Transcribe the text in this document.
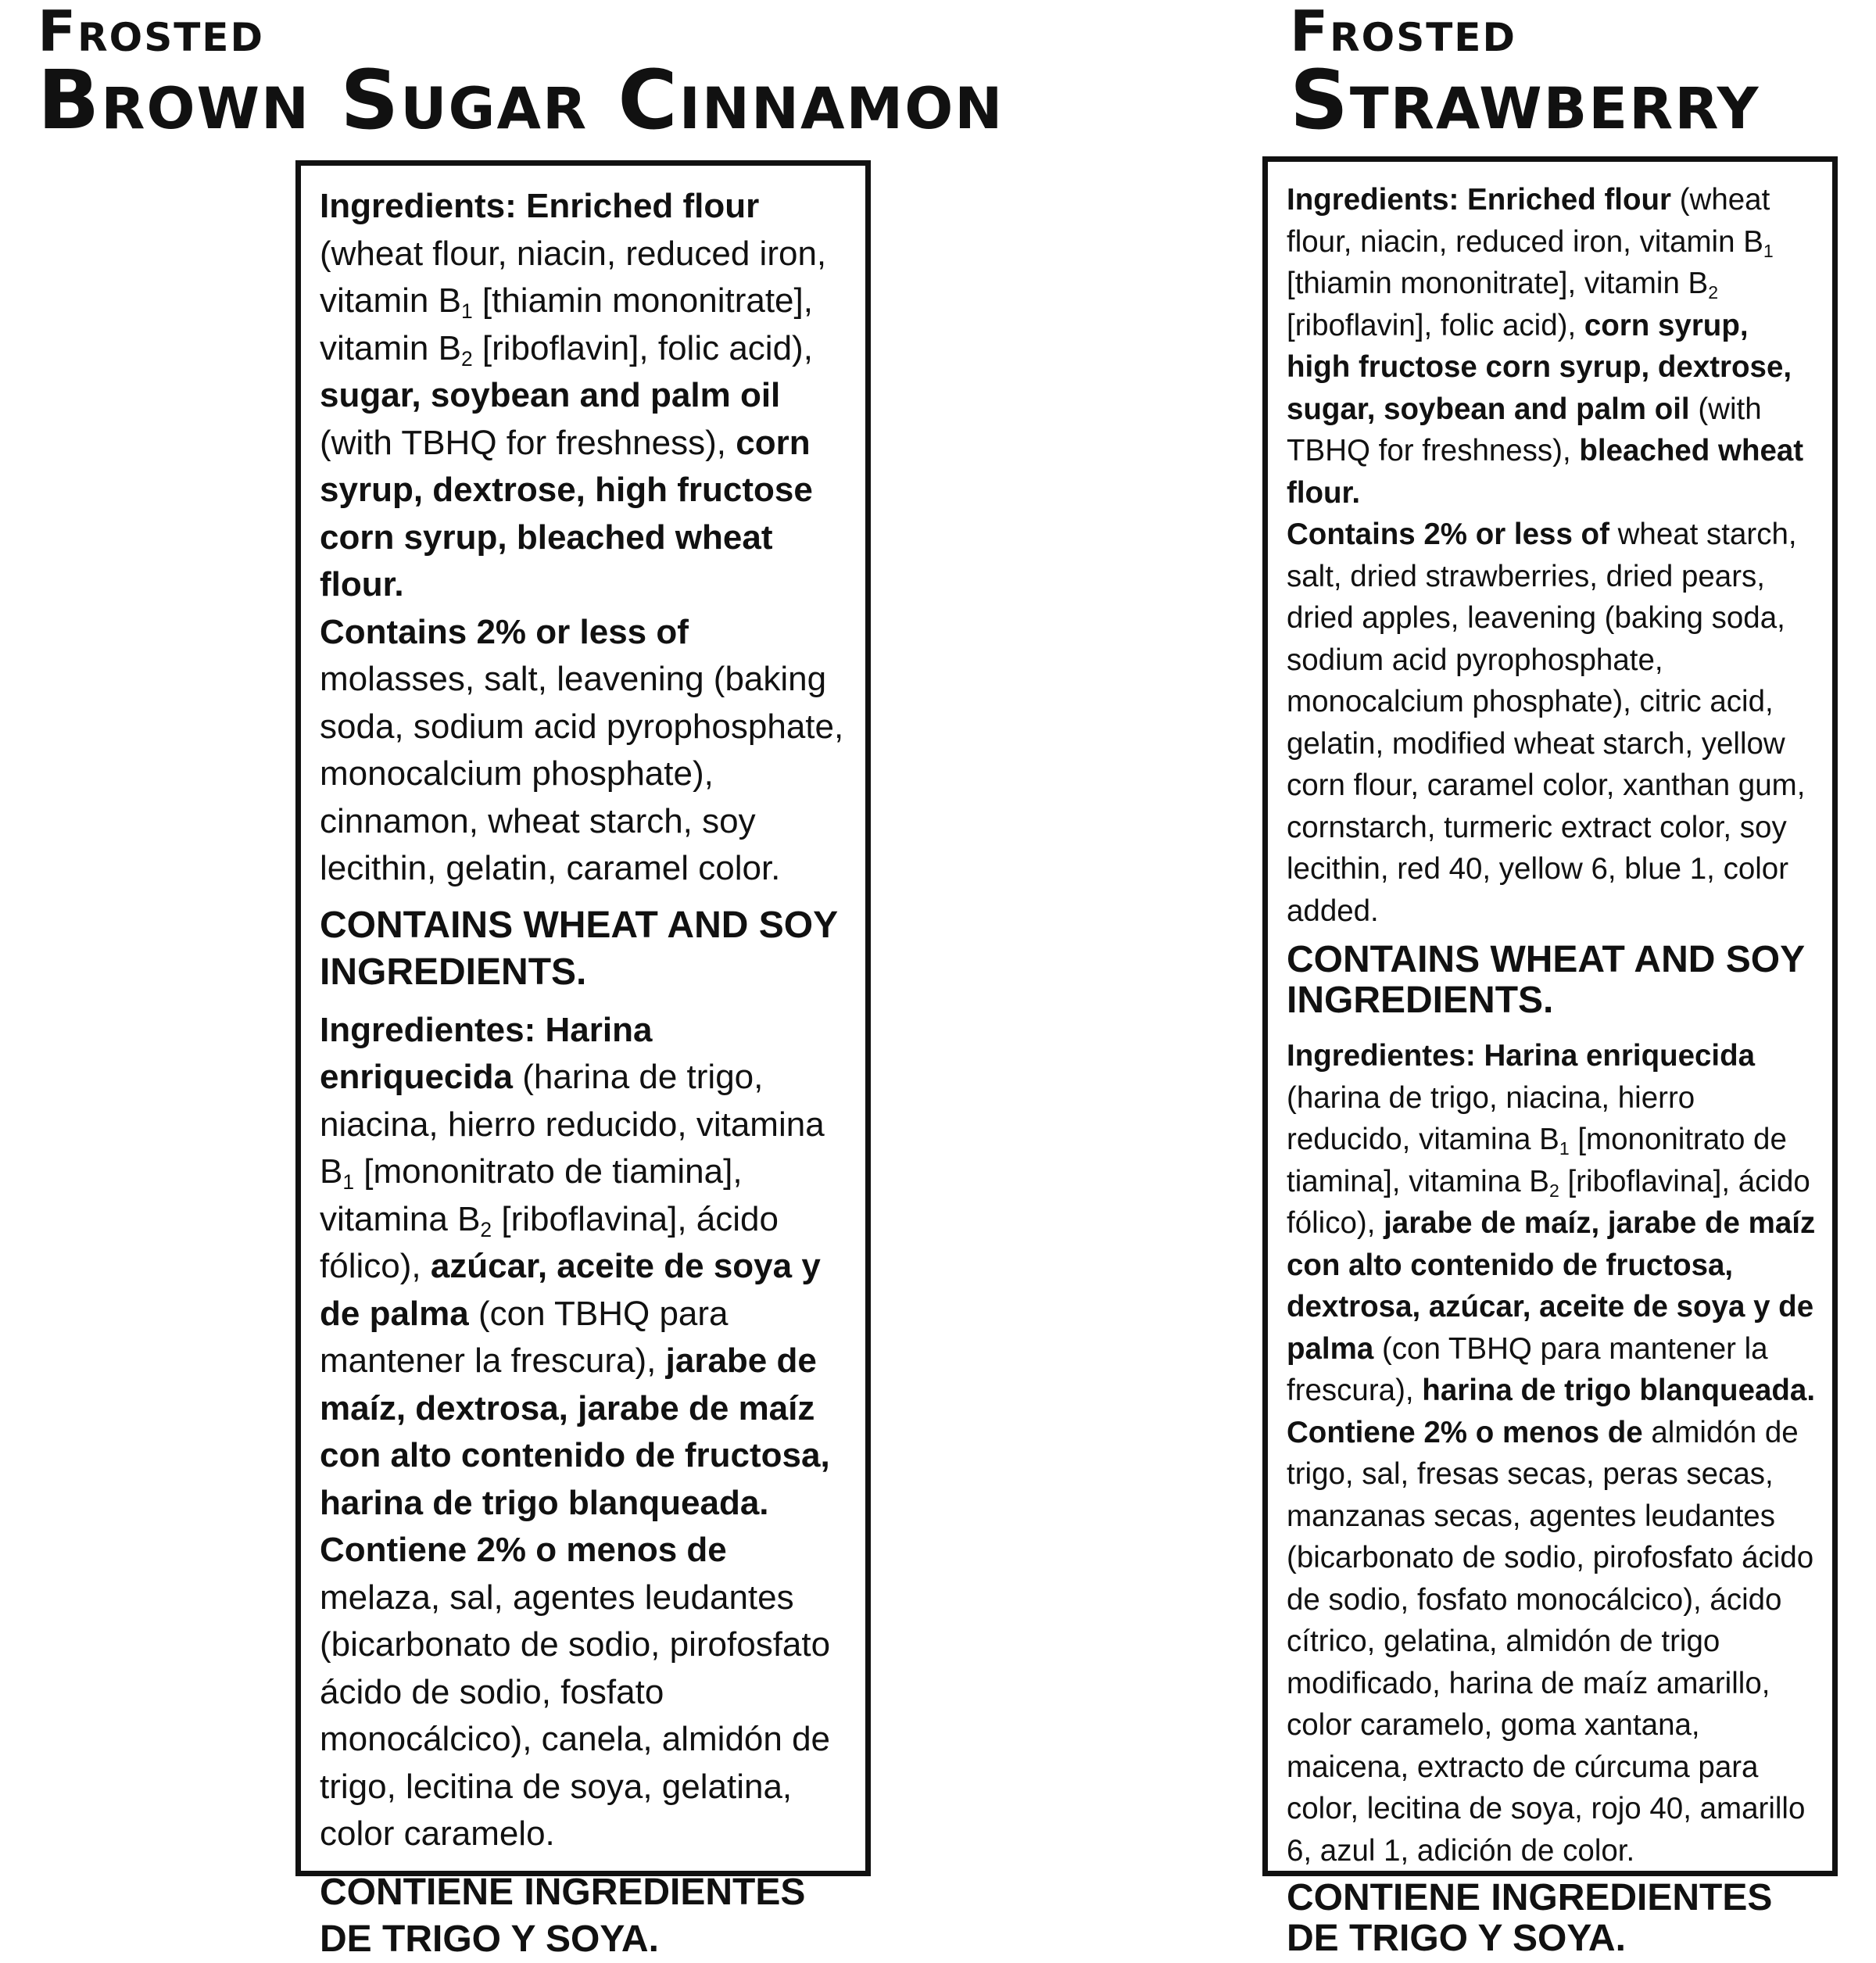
Frosted
Brown Sugar Cinnamon
Frosted
Strawberry

Ingredients: Enriched flour (wheat flour, niacin, reduced iron, vitamin $B_1$ [thiamin mononitrate], vitamin $B_2$ [riboflavin], folic acid), sugar, soybean and palm oil (with TBHQ for freshness), corn syrup, dextrose, high fructose corn syrup, bleached wheat flour.
Contains 2% or less of molasses, salt, leavening (baking soda, sodium acid pyrophosphate, monocalcium phosphate), cinnamon, wheat starch, soy lecithin, gelatin, caramel color.

CONTAINS WHEAT AND SOY INGREDIENTS.

Ingredientes: Harina enriquecida (harina de trigo, niacina, hierro reducido, vitamina $B_1$ [mononitrato de tiamina], vitamina $B_2$ [riboflavina], ácido fólico), azúcar, aceite de soya y de palma (con TBHQ para mantener la frescura), jarabe de maíz, dextrosa, jarabe de maíz con alto contenido de fructosa, harina de trigo blanqueada.
Contiene 2% o menos de melaza, sal, agentes leudantes (bicarbonato de sodio, pirofosfato ácido de sodio, fosfato monocálcico), canela, almidón de trigo, lecitina de soya, gelatina, color caramelo.

CONTIENE INGREDIENTES DE TRIGO Y SOYA.

Ingredients: Enriched flour (wheat flour, niacin, reduced iron, vitamin $B_1$ [thiamin mononitrate], vitamin $B_2$ [riboflavin], folic acid), corn syrup, high fructose corn syrup, dextrose, sugar, soybean and palm oil (with TBHQ for freshness), bleached wheat flour.
Contains 2% or less of wheat starch, salt, dried strawberries, dried pears, dried apples, leavening (baking soda, sodium acid pyrophosphate, monocalcium phosphate), citric acid, gelatin, modified wheat starch, yellow corn flour, caramel color, xanthan gum, cornstarch, turmeric extract color, soy lecithin, red 40, yellow 6, blue 1, color added.

CONTAINS WHEAT AND SOY INGREDIENTS.

Ingredientes: Harina enriquecida (harina de trigo, niacina, hierro reducido, vitamina $B_1$ [mononitrato de tiamina], vitamina $B_2$ [riboflavina], ácido fólico), jarabe de maíz, jarabe de maíz con alto contenido de fructosa, dextrosa, azúcar, aceite de soya y de palma (con TBHQ para mantener la frescura), harina de trigo blanqueada.
Contiene 2% o menos de almidón de trigo, sal, fresas secas, peras secas, manzanas secas, agentes leudantes (bicarbonato de sodio, pirofosfato ácido de sodio, fosfato monocálcico), ácido cítrico, gelatina, almidón de trigo modificado, harina de maíz amarillo, color caramelo, goma xantana, maicena, extracto de cúrcuma para color, lecitina de soya, rojo 40, amarillo 6, azul 1, adición de color.

CONTIENE INGREDIENTES DE TRIGO Y SOYA.
